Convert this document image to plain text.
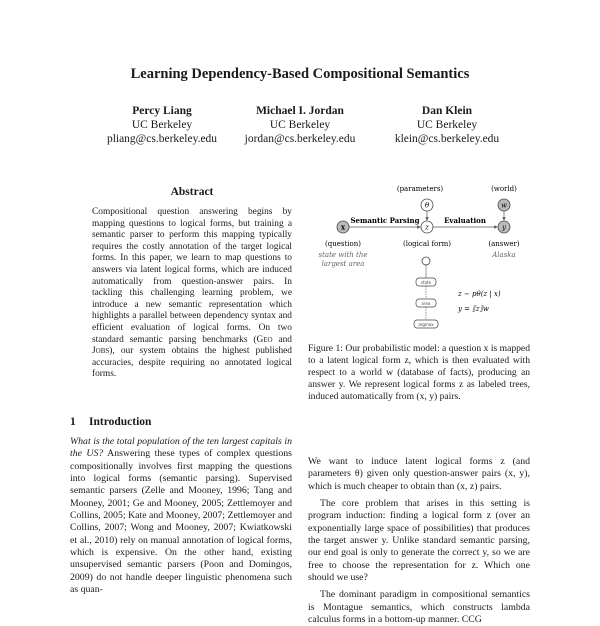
Learning Dependency-Based Compositional Semantics
Percy Liang
UC Berkeley
pliang@cs.berkeley.edu
Michael I. Jordan
UC Berkeley
jordan@cs.berkeley.edu
Dan Klein
UC Berkeley
klein@cs.berkeley.edu
Abstract
Compositional question answering begins by mapping questions to logical forms, but training a semantic parser to perform this mapping typically requires the costly annotation of the target logical forms. In this paper, we learn to map questions to answers via latent logical forms, which are induced automatically from question-answer pairs. In tackling this challenging learning problem, we introduce a new semantic representation which highlights a parallel between dependency syntax and efficient evaluation of logical forms. On two standard semantic parsing benchmarks (Geo and Jobs), our system obtains the highest published accuracies, despite requiring no annotated logical forms.
(parameters)	(world)
θ	w
x	z	y
Semantic Parsing	Evaluation
(question)	(logical form)	(answer)
state with the
largest area
Alaska
state
area
argmax
z ∼ pθ(z | x)
y = ⟦z⟧w
Figure 1: Our probabilistic model: a question x is mapped to a latent logical form z, which is then evaluated with respect to a world w (database of facts), producing an answer y. We represent logical forms z as labeled trees, induced automatically from (x, y) pairs.
1 Introduction
What is the total population of the ten largest capitals in the US? Answering these types of complex questions compositionally involves first mapping the questions into logical forms (semantic parsing). Supervised semantic parsers (Zelle and Mooney, 1996; Tang and Mooney, 2001; Ge and Mooney, 2005; Zettlemoyer and Collins, 2005; Kate and Mooney, 2007; Zettlemoyer and Collins, 2007; Wong and Mooney, 2007; Kwiatkowski et al., 2010) rely on manual annotation of logical forms, which is expensive. On the other hand, existing unsupervised semantic parsers (Poon and Domingos, 2009) do not handle deeper linguistic phenomena such as quan-

We want to induce latent logical forms z (and parameters θ) given only question-answer pairs (x, y), which is much cheaper to obtain than (x, z) pairs.

The core problem that arises in this setting is program induction: finding a logical form z (over an exponentially large space of possibilities) that produces the target answer y. Unlike standard semantic parsing, our end goal is only to generate the correct y, so we are free to choose the representation for z. Which one should we use?

The dominant paradigm in compositional semantics is Montague semantics, which constructs lambda calculus forms in a bottom-up manner. CCG
